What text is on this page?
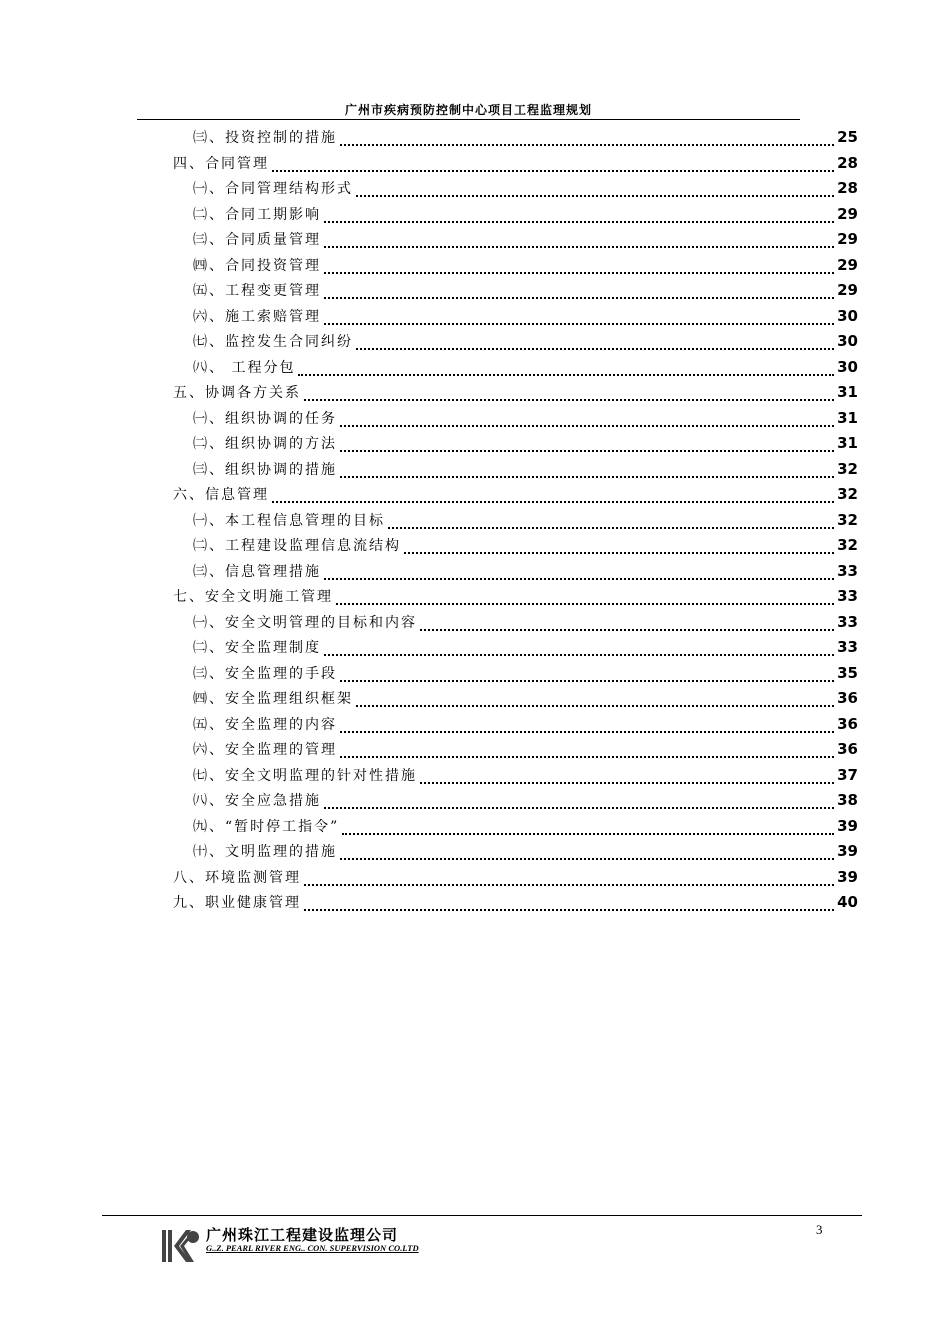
广州市疾病预防控制中心项目工程监理规划
㈢、投资控制的措施	25
四、合同管理	28
㈠、合同管理结构形式	28
㈡、合同工期影响	29
㈢、合同质量管理	29
㈣、合同投资管理	29
㈤、工程变更管理	29
㈥、施工索赔管理	30
㈦、监控发生合同纠纷	30
㈧、 工程分包	30
五、协调各方关系	31
㈠、组织协调的任务	31
㈡、组织协调的方法	31
㈢、组织协调的措施	32
六、信息管理	32
㈠、本工程信息管理的目标	32
㈡、工程建设监理信息流结构	32
㈢、信息管理措施	33
七、安全文明施工管理	33
㈠、安全文明管理的目标和内容	33
㈡、安全监理制度	33
㈢、安全监理的手段	35
㈣、安全监理组织框架	36
㈤、安全监理的内容	36
㈥、安全监理的管理	36
㈦、安全文明监理的针对性措施	37
㈧、安全应急措施	38
㈨、“暂时停工指令”	39
㈩、文明监理的措施	39
八、环境监测管理	39
九、职业健康管理	40
广州珠江工程建设监理公司
G..Z. PEARL RIVER ENG.. CON. SUPERVISION CO.LTD
3
